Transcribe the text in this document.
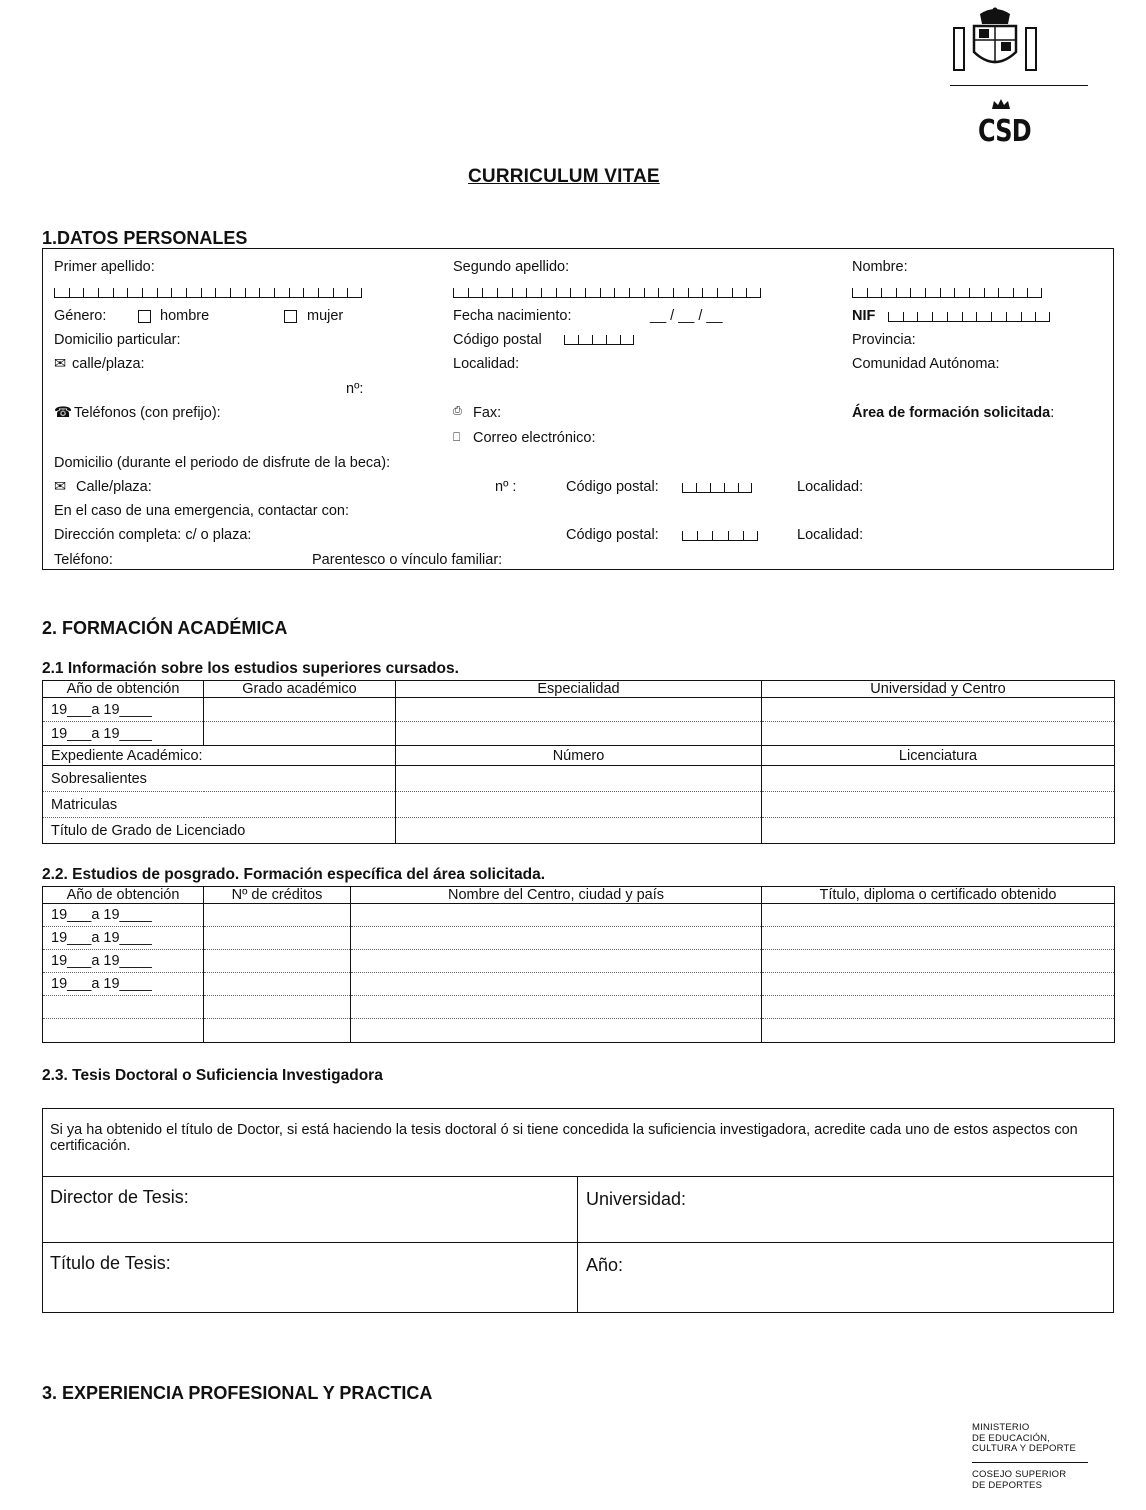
CSD
CURRICULUM VITAE
1.DATOS PERSONALES
Primer apellido:	Segundo apellido:	Nombre:
Género:	hombre	mujer	Fecha nacimiento:	__ / __ / __	NIF
Domicilio particular:	Código postal	Provincia:
✉ calle/plaza:	Localidad:	Comunidad Autónoma:
nº:
☎ Teléfonos (con prefijo):	⎙ Fax:	Área de formación solicitada:
⎕ Correo electrónico:
Domicilio (durante el periodo de disfrute de la beca):
✉ Calle/plaza:	nº :	Código postal:	Localidad:
En el caso de una emergencia, contactar con:
Dirección completa: c/ o plaza:	Código postal:	Localidad:
Teléfono:	Parentesco o vínculo familiar:
2. FORMACIÓN ACADÉMICA
2.1 Información sobre los estudios superiores cursados.
Año de obtención	Grado académico	Especialidad	Universidad y Centro
19___a 19____			
19___a 19____			
Expediente Académico:		Número	Licenciatura
Sobresalientes			
Matriculas			
Título de Grado de Licenciado			
2.2. Estudios de posgrado. Formación específica del área solicitada.
Año de obtención	Nº de créditos	Nombre del Centro, ciudad y país	Título, diploma o certificado obtenido
19___a 19____			
19___a 19____			
19___a 19____			
19___a 19____			

2.3. Tesis Doctoral o Suficiencia Investigadora
Si ya ha obtenido el título de Doctor, si está haciendo la tesis doctoral ó si tiene concedida la suficiencia investigadora, acredite cada uno de estos aspectos con certificación.
Director de Tesis:	Universidad:
Título de Tesis:	Año:
3. EXPERIENCIA PROFESIONAL Y PRACTICA
MINISTERIO
DE EDUCACIÓN,
CULTURA Y DEPORTE
COSEJO SUPERIOR
DE DEPORTES
